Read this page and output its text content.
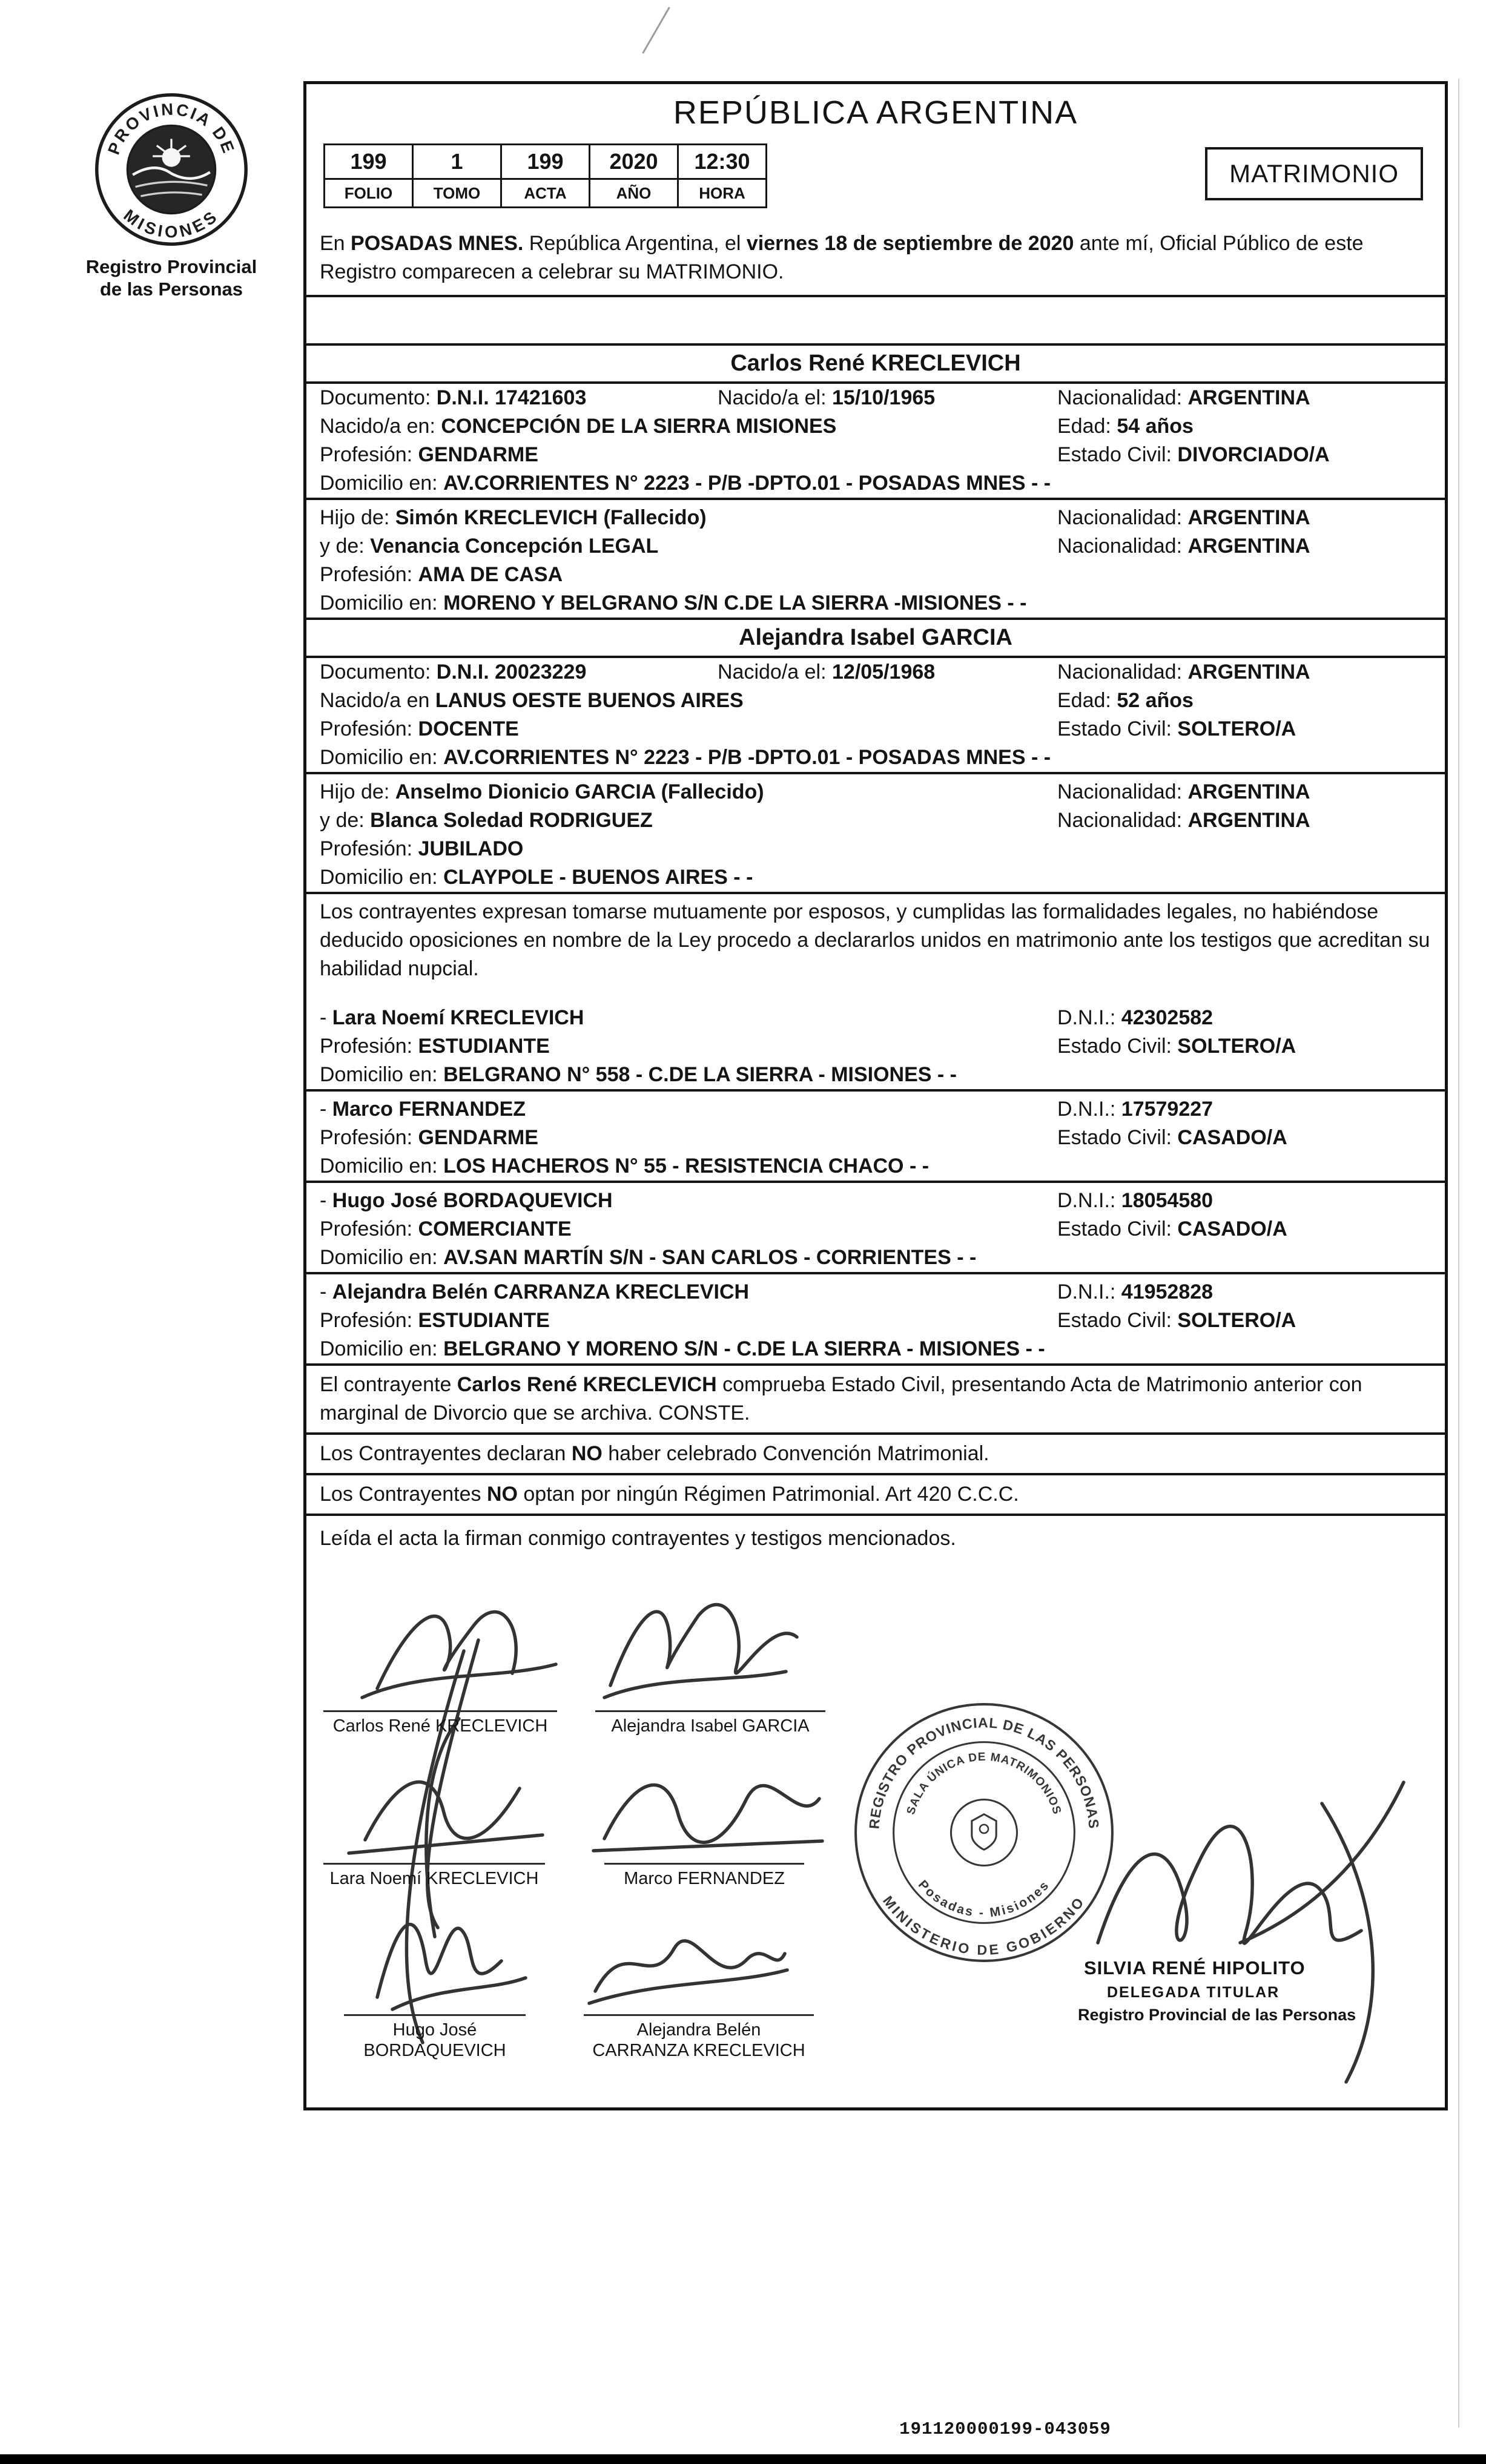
PROVINCIA DE
MISIONES
Registro Provincial
de las Personas
REPÚBLICA ARGENTINA
199	1	199	2020	12:30
FOLIO	TOMO	ACTA	AÑO	HORA
MATRIMONIO

En POSADAS MNES. República Argentina, el viernes 18 de septiembre de 2020 ante mí, Oficial Público de este Registro comparecen a celebrar su MATRIMONIO.

Carlos René KRECLEVICH
Documento: D.N.I. 17421603	Nacido/a el: 15/10/1965	Nacionalidad: ARGENTINA
Nacido/a en: CONCEPCIÓN DE LA SIERRA MISIONES	Edad: 54 años
Profesión: GENDARME	Estado Civil: DIVORCIADO/A
Domicilio en: AV.CORRIENTES N° 2223 - P/B -DPTO.01 - POSADAS MNES - -
Hijo de: Simón KRECLEVICH (Fallecido)	Nacionalidad: ARGENTINA
y de: Venancia Concepción LEGAL	Nacionalidad: ARGENTINA
Profesión: AMA DE CASA
Domicilio en: MORENO Y BELGRANO S/N C.DE LA SIERRA -MISIONES - -
Alejandra Isabel GARCIA
Documento: D.N.I. 20023229	Nacido/a el: 12/05/1968	Nacionalidad: ARGENTINA
Nacido/a en LANUS OESTE BUENOS AIRES	Edad: 52 años
Profesión: DOCENTE	Estado Civil: SOLTERO/A
Domicilio en: AV.CORRIENTES N° 2223 - P/B -DPTO.01 - POSADAS MNES - -
Hijo de: Anselmo Dionicio GARCIA (Fallecido)	Nacionalidad: ARGENTINA
y de: Blanca Soledad RODRIGUEZ	Nacionalidad: ARGENTINA
Profesión: JUBILADO
Domicilio en: CLAYPOLE - BUENOS AIRES - -

Los contrayentes expresan tomarse mutuamente por esposos, y cumplidas las formalidades legales, no habiéndose deducido oposiciones en nombre de la Ley procedo a declararlos unidos en matrimonio ante los testigos que acreditan su habilidad nupcial.

- Lara Noemí KRECLEVICH	D.N.I.: 42302582
Profesión: ESTUDIANTE	Estado Civil: SOLTERO/A
Domicilio en: BELGRANO N° 558 - C.DE LA SIERRA - MISIONES - -
- Marco FERNANDEZ	D.N.I.: 17579227
Profesión: GENDARME	Estado Civil: CASADO/A
Domicilio en: LOS HACHEROS N° 55 - RESISTENCIA CHACO - -
- Hugo José BORDAQUEVICH	D.N.I.: 18054580
Profesión: COMERCIANTE	Estado Civil: CASADO/A
Domicilio en: AV.SAN MARTÍN S/N - SAN CARLOS - CORRIENTES - -
- Alejandra Belén CARRANZA KRECLEVICH	D.N.I.: 41952828
Profesión: ESTUDIANTE	Estado Civil: SOLTERO/A
Domicilio en: BELGRANO Y MORENO S/N - C.DE LA SIERRA - MISIONES - -

El contrayente Carlos René KRECLEVICH comprueba Estado Civil, presentando Acta de Matrimonio anterior con marginal de Divorcio que se archiva. CONSTE.

Los Contrayentes declaran NO haber celebrado Convención Matrimonial.

Los Contrayentes NO optan por ningún Régimen Patrimonial. Art 420 C.C.C.

Leída el acta la firman conmigo contrayentes y testigos mencionados.

REGISTRO PROVINCIAL DE LAS PERSONAS
MINISTERIO DE GOBIERNO
SALA ÚNICA DE MATRIMONIOS
Posadas - Misiones
Carlos René KRECLEVICH	Alejandra Isabel GARCIA
Lara Noemí KRECLEVICH	Marco FERNANDEZ
Hugo José
BORDAQUEVICH
Alejandra Belén
CARRANZA KRECLEVICH
SILVIA RENÉ HIPOLITO
DELEGADA TITULAR
Registro Provincial de las Personas
191120000199-043059
